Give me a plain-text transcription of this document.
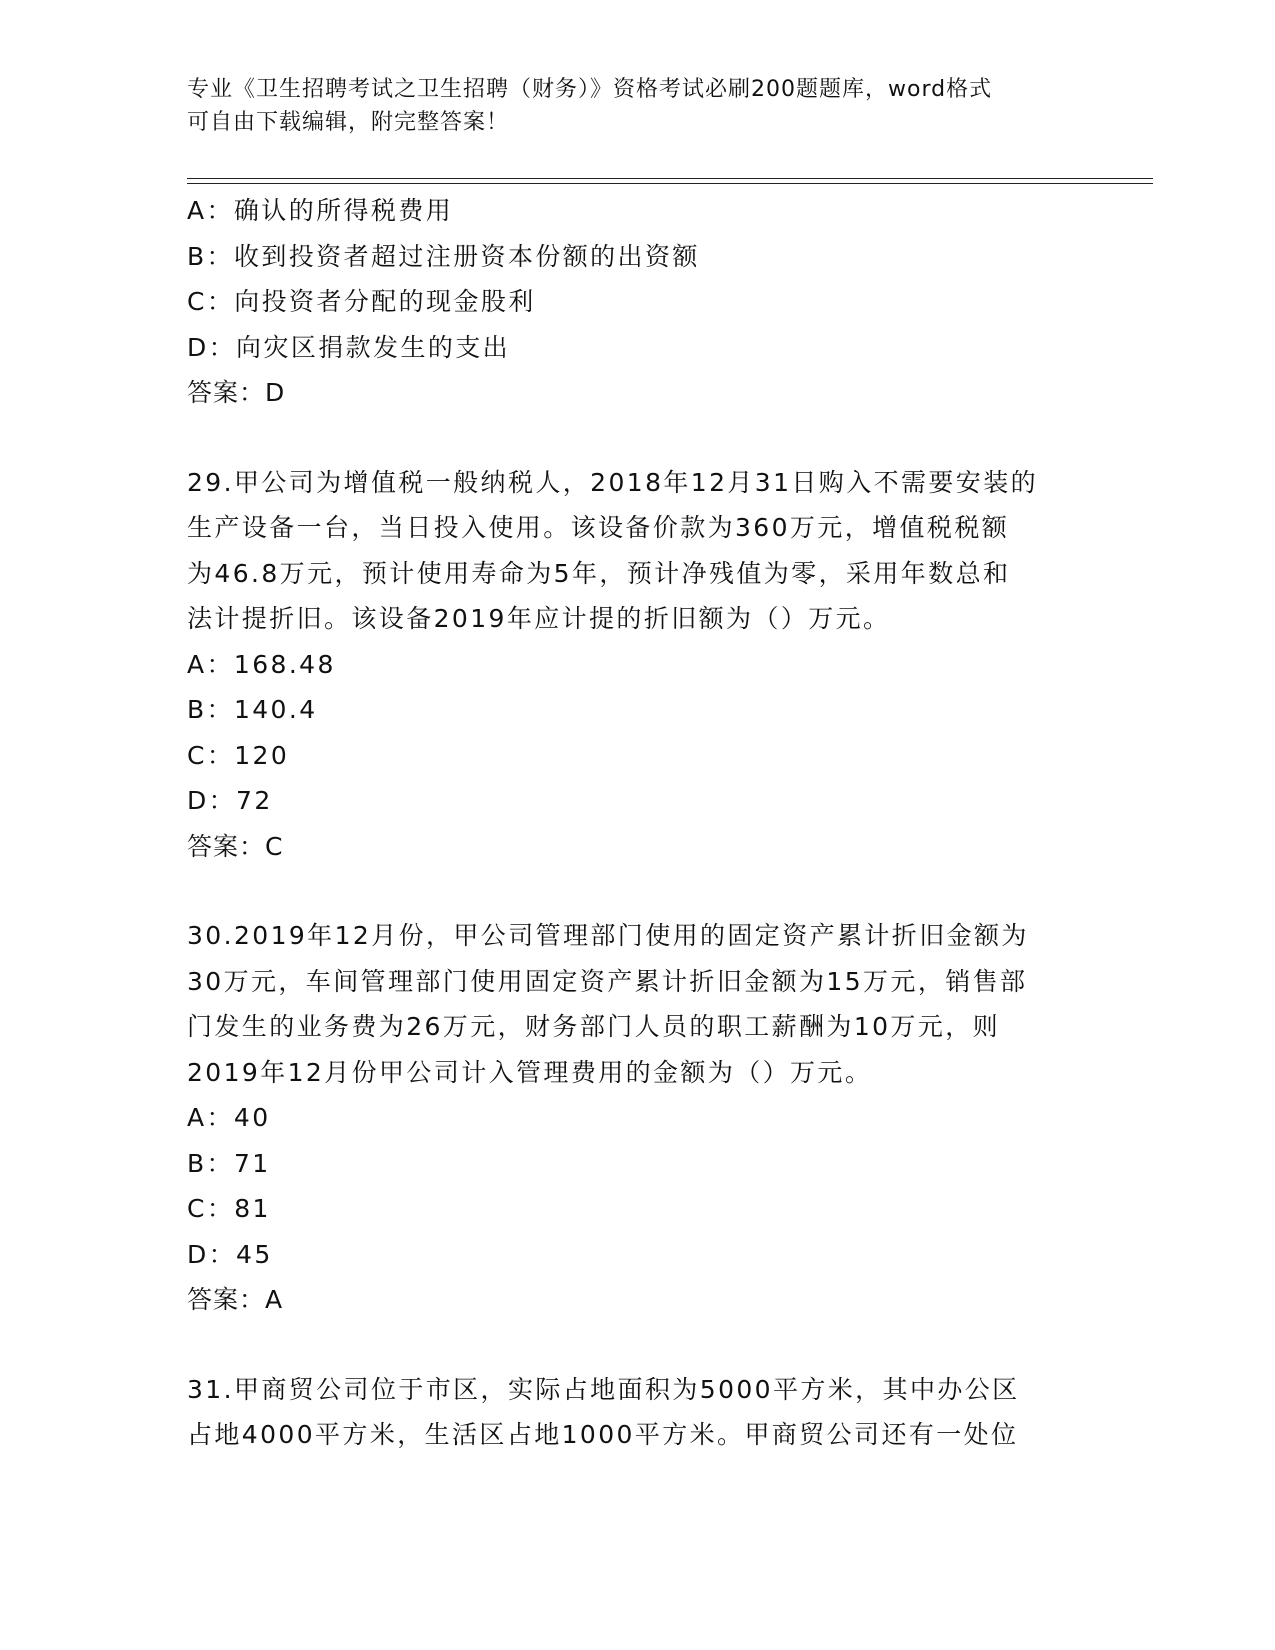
专业《卫生招聘考试之卫生招聘（财务）》资格考试必刷200题题库，word格式
可自由下载编辑，附完整答案！
A：确认的所得税费用
B：收到投资者超过注册资本份额的出资额
C：向投资者分配的现金股利
D：向灾区捐款发生的支出
答案：D
29.甲公司为增值税一般纳税人，2018年12月31日购入不需要安装的
生产设备一台，当日投入使用。该设备价款为360万元，增值税税额
为46.8万元，预计使用寿命为5年，预计净残值为零，采用年数总和
法计提折旧。该设备2019年应计提的折旧额为（）万元。
A：168.48
B：140.4
C：120
D：72
答案：C
30.2019年12月份，甲公司管理部门使用的固定资产累计折旧金额为
30万元，车间管理部门使用固定资产累计折旧金额为15万元，销售部
门发生的业务费为26万元，财务部门人员的职工薪酬为10万元，则
2019年12月份甲公司计入管理费用的金额为（）万元。
A：40
B：71
C：81
D：45
答案：A
31.甲商贸公司位于市区，实际占地面积为5000平方米，其中办公区
占地4000平方米，生活区占地1000平方米。甲商贸公司还有一处位
